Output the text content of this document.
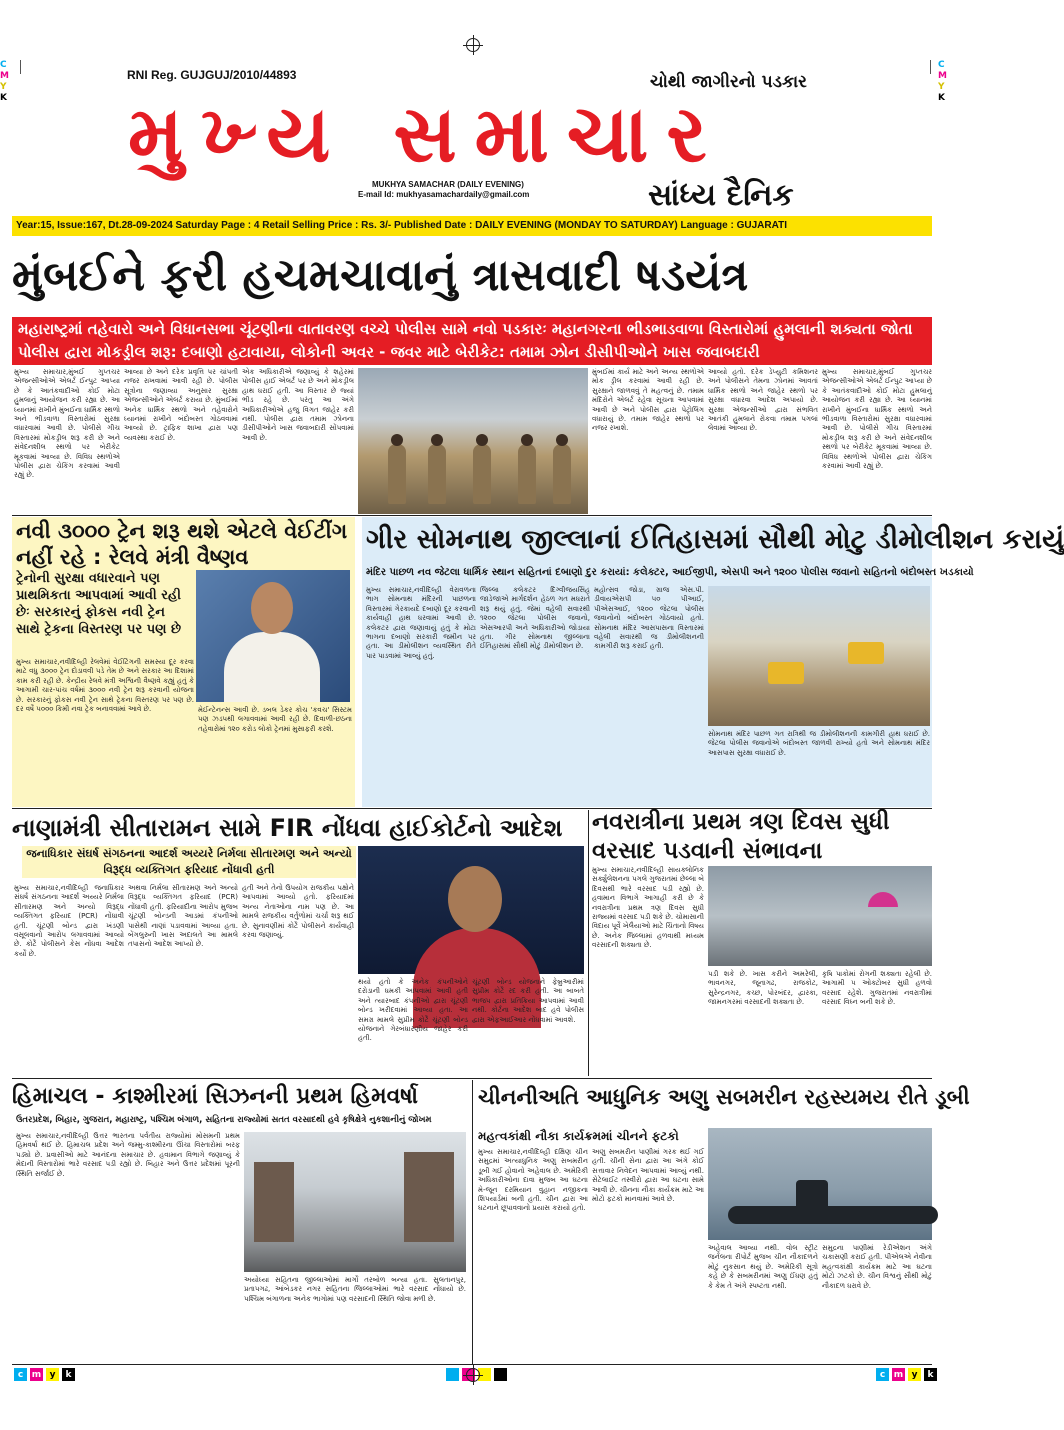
C
M
Y
K
C
M
Y
K
RNI Reg. GUJGUJ/2010/44893	ચોથી જાગીરનો પડકાર
મુખ્ય સમાચાર
MUKHYA SAMACHAR (DAILY EVENING)
E-mail Id: mukhyasamachardaily@gmail.com	સાંધ્ય દૈનિક
Year:15, Issue:167, Dt.28-09-2024 Saturday Page : 4 Retail Selling Price : Rs. 3/- Published Date : DAILY EVENING (MONDAY TO SATURDAY) Language : GUJARATI
મુંબઈને ફરી હચમચાવાનું ત્રાસવાદી ષડયંત્ર
મહારાષ્ટ્રમાં તહેવારો અને વિધાનસભા ચૂંટણીના વાતાવરણ વચ્ચે પોલીસ સામે નવો પડકારઃ મહાનગરના ભીડભાડવાળા વિસ્તારોમાં હુમલાની શક્યતા જોતા પોલીસ દ્વારા મોકડ્રીલ શરૂ: દબાણો હટાવાયા, લોકોની અવર - જવર માટે બેરીકેટ: તમામ ઝોન ડીસીપીઓને ખાસ જવાબદારી
મુખ્ય સમાચાર,મુંબઈ ગુપ્તચર એજન્સીઓએ એલર્ટ ઈન્પુટ આપ્યા છે કે આતંકવાદીઓ કોઈ મોટા હુમલાનું આયોજન કરી રહ્યા છે. આ ધ્યાનમાં રાખીને મુંબઈના ધાર્મિક સ્થળો અને ભીડવાળા વિસ્તારોમાં સુરક્ષા વધારવામાં આવી છે. પોલીસે ગીચ વિસ્તારમાં મોકડ્રીલ શરૂ કરી છે અને સંવેદનશીલ સ્થળો પર બેરીકેટ મૂકવામાં આવ્યા છે. વિવિધ સ્થળોએ પોલીસ દ્વારા ચેકિંગ કરવામાં આવી રહ્યું છે.
આવ્યા છે અને દરેક પ્રવૃત્તિ પર ચાંપતી નજર રાખવામાં આવી રહી છે. પોલીસ સૂત્રોના જણાવ્યા અનુસાર સુરક્ષા એજન્સીઓને એલર્ટ કરાયા છે. મુંબઈમાં અનેક ધાર્મિક સ્થળો અને તહેવારોને ધ્યાનમાં રાખીને બંદોબસ્ત ગોઠવવામાં આવ્યો છે. ટ્રાફિક શાખા દ્વારા પણ વ્યવસ્થા કરાઈ છે.
એક અધિકારીએ જણાવ્યું કે શહેરમાં પોલીસ હાઈ એલર્ટ પર છે અને મોકડ્રીલ હાથ ધરાઈ હતી. આ વિસ્તાર છે જ્યાં ભીડ રહે છે. પરંતુ આ અંગે અધિકારીઓએ હજુ વિગત જાહેર કરી નથી. પોલીસ દ્વારા તમામ ઝોનના ડીસીપીઓને ખાસ જવાબદારી સોંપવામાં આવી છે.
મુંબઈમાં કાર્ય માટે અને અન્ય સ્થળોએ મોક ડ્રીલ કરવામાં આવી રહી છે. સુરક્ષાને જાળવવું તે મહત્વનું છે. તમામ મંદિરોને એલર્ટ રહેવા સૂચના આપવામાં આવી છે અને પોલીસ દ્વારા પેટ્રોલિંગ વધારાયું છે. તમામ જાહેર સ્થળો પર નજર રખાશે.
આવ્યો હતો. દરેક ડેપ્યુટી કમિશનર અને પોલીસને તેમના ઝોનમાં આવતાં ધાર્મિક સ્થળો અને જાહેર સ્થળો પર સુરક્ષા વધારવા આદેશ અપાયો છે. સુરક્ષા એજન્સીઓ દ્વારા સંભવિત આતંકી હુમલાને રોકવા તમામ પગલાં લેવામાં આવ્યા છે.
મુખ્ય સમાચાર,મુંબઈ ગુપ્તચર એજન્સીઓએ એલર્ટ ઈન્પુટ આપ્યા છે કે આતંકવાદીઓ કોઈ મોટા હુમલાનું આયોજન કરી રહ્યા છે. આ ધ્યાનમાં રાખીને મુંબઈના ધાર્મિક સ્થળો અને ભીડવાળા વિસ્તારોમાં સુરક્ષા વધારવામાં આવી છે. પોલીસે ગીચ વિસ્તારમાં મોકડ્રીલ શરૂ કરી છે અને સંવેદનશીલ સ્થળો પર બેરીકેટ મૂકવામાં આવ્યા છે. વિવિધ સ્થળોએ પોલીસ દ્વારા ચેકિંગ કરવામાં આવી રહ્યું છે.
નવી ૩૦૦૦ ટ્રેન શરૂ થશે એટલે વેઈટીંગ નહીં રહે : રેલવે મંત્રી વૈષ્ણવ
ટ્રેનોની સુરક્ષા વધારવાને પણ પ્રાથમિકતા આપવામાં આવી રહી છેઃ સરકારનું ફોકસ નવી ટ્રેન સાથે ટ્રેકના વિસ્તરણ પર પણ છે
મુખ્ય સમાચાર,નવીદિલ્હી રેલવેમાં વેઈટિંગની સમસ્યા દૂર કરવા માટે વધુ ૩૦૦૦ ટ્રેન દોડાવવી પડે તેમ છે અને સરકાર આ દિશામાં કામ કરી રહી છે. કેન્દ્રીય રેલવે મંત્રી અશ્વિની વૈષ્ણવે કહ્યું હતું કે આગામી ચાર-પાંચ વર્ષમાં ૩૦૦૦ નવી ટ્રેન શરૂ કરવાની યોજના છે. સરકારનું ફોકસ નવી ટ્રેન સાથે ટ્રેકના વિસ્તરણ પર પણ છે. દર વર્ષે ૫૦૦૦ કિમી નવા ટ્રેક બનાવવામાં આવે છે.	મેઈન્ટેનન્સ આવી છે. ડબલ ડેકર કોચ 'કવચ' સિસ્ટમ પણ ઝડપથી લગાવવામાં આવી રહી છે. દિવાળી-છઠના તહેવારોમાં ૧૨૦ કરોડ લોકો ટ્રેનમાં મુસાફરી કરશે.
ગીર સોમનાથ જીલ્લાનાં ઈતિહાસમાં સૌથી મોટુ ડીમોલીશન કરાયું
મંદિર પાછળ નવ જેટલા ધાર્મિક સ્થાન સહિતનાં દબાણો દુર કરાયાં: કલેક્ટર, આઈજીપી, એસપી અને ૧૨૦૦ પોલીસ જવાનો સહિતનો બંદોબસ્ત ખડકાયો
મુખ્ય સમાચાર,નવીદિલ્હી વેરાવળના ભાગ સોમનાથ મંદિરની પાછળના વિસ્તારમાં ગેરકાયદે દબાણો દૂર કરવાની કાર્યવાહી હાથ ધરવામાં આવી છે. કલેકટર દ્વારા જણાવાયું હતું કે મોટા ભાગના દબાણો સરકારી જમીન પર હતા. આ ડીમોલીશન વ્યવસ્થિત રીતે પાર પાડવામાં આવ્યું હતું.
જિલ્લા કલેકટર દિગ્વીજયસિંહ જાડેજાએ માર્ગદર્શન હેઠળ ગત મધરાતે શરૂ થયું હતું. જેમાં વહેલી સવારથી ૧૨૦૦ જેટલા પોલીસ જવાનો, એસઆરપી અને અધિકારીઓ જોડાયા હતા. ગીર સોમનાથ જીલ્લાના ઈતિહાસમાં સૌથી મોટું ડીમોલીશન છે.
મહોત્સવ જોડા, ગ્રાજ એસ.પી. ડીવાયએસપી ૫૦ પીઆઈ, પીએસઆઈ, ૧૨૦૦ જેટલા પોલીસ જવાનોનો બંદોબસ્ત ગોઠવાયો હતો. સોમનાથ મંદિર આસપાસના વિસ્તારમાં વહેલી સવારથી જ ડીમોલીશનની કામગીરી શરૂ કરાઈ હતી.
સોમનાથ મંદિર પાછળ ગત રાત્રિથી જ ડીમોલીશનની કામગીરી હાથ ધરાઈ છે. જેટલા પોલીસ જવાનોએ બંદોબસ્ત જાળવી રાખ્યો હતો અને સોમનાથ મંદિર આસપાસ સુરક્ષા વધારાઈ છે.
નાણામંત્રી સીતારામન સામે FIR નોંધવા હાઈકોર્ટનો આદેશ
જનાધિકાર સંઘર્ષ સંગઠનના આદર્શ અય્યરે નિર્મલા સીતારમણ અને અન્યો વિરૂદ્ધ વ્યક્તિગત ફરિયાદ નોંધાવી હતી
મુખ્ય સમાચાર,નવીદિલ્હી જનાધિકાર સંઘર્ષ સંગઠનના આદર્શ અય્યરે નિર્મલા સીતારમણ અને અન્યો વિરૂદ્ધ વ્યક્તિગત ફરિયાદ (PCR) નોંધાવી હતી. ચૂંટણી બોન્ડ દ્વારા ખંડણી વસૂલવાનો આરોપ લગાવવામાં આવ્યો છે. કોર્ટે પોલીસને કેસ નોંધવા આદેશ કર્યો છે.
અથવા નિર્મલા સીતારમણ અને અન્યો વિરૂદ્ધ વ્યક્તિગત ફરિયાદ (PCR) નોંધાવી હતી. ફરિયાદીના આરોપ મુજબ ચૂંટણી બોન્ડની આડમાં કંપનીઓ પાસેથી નાણાં પડાવવામાં આવ્યા હતા. બેંગલુરુની ખાસ અદાલતે આ મામલે તપાસનો આદેશ આપ્યો છે.
હતી અને તેનો ઉપયોગ રાજકીય પક્ષોને આપવામાં આવ્યો હતો. ફરિયાદમાં અન્ય નેતાઓના નામ પણ છે. આ મામલે રાજકીય વર્તુળોમાં ચર્ચા શરૂ થઈ છે. સુનાવણીમાં કોર્ટે પોલીસને કાર્યવાહી કરવા જણાવ્યું.
થયો હતો કે અનેક કંપનીઓને દરોડાની ધમકી આપવામાં આવી હતી અને ત્યારબાદ કંપનીઓ દ્વારા ચૂંટણી બોન્ડ ખરીદવામાં આવ્યા હતા. આ સમગ્ર મામલે સુપ્રીમ કોર્ટે ચૂંટણી બોન્ડ યોજનાને ગેરબંધારણીય જાહેર કરી હતી.
ચૂંટણી બોન્ડ યોજનાને ફેબ્રુઆરીમાં સુપ્રીમ કોર્ટે રદ કરી હતી. આ બાબતે ભાજપ દ્વારા પ્રતિક્રિયા આપવામાં આવી નથી. કોર્ટના આદેશ બાદ હવે પોલીસ દ્વારા એફઆઈઆર નોંધવામાં આવશે.
નવરાત્રીના પ્રથમ ત્રણ દિવસ સુધી વરસાદ પડવાની સંભાવના
મુખ્ય સમાચાર,નવીદિલ્હી સાયક્લોનિક સર્ક્યુલેશનના પગલે ગુજરાતમાં છેલ્લા બે દિવસથી ભારે વરસાદ પડી રહ્યો છે. હવામાન વિભાગે આગાહી કરી છે કે નવરાત્રીના પ્રથમ ત્રણ દિવસ સુધી રાજ્યમાં વરસાદ પડી શકે છે. ચોમાસાની વિદાય પૂર્વે ખેલૈયાઓ માટે ચિંતાનો વિષય છે. અનેક જિલ્લામાં હળવાથી મધ્યમ વરસાદની શક્યતા છે.
પડી શકે છે. ખાસ કરીને અમરેલી, ભાવનગર, જૂનાગઢ, રાજકોટ, સુરેન્દ્રનગર, કચ્છ, પોરબંદર, દ્વારકા, જામનગરમાં વરસાદની શક્યતા છે.
કૃષિ પાકોમાં રોગની શક્યતા રહેલી છે. આગામી ૫ ઓક્ટોબર સુધી હળવો વરસાદ રહેશે. ગુજરાતમાં નવરાત્રીમાં વરસાદ વિઘ્ન બની શકે છે.
હિમાચલ - કાશ્મીરમાં સિઝનની પ્રથમ હિમવર્ષા
ઉતરપ્રદેશ, બિહાર, ગુજરાત, મહારાષ્ટ્ર, પશ્ચિમ બંગાળ, સહિતના રાજ્યોમાં સતત વરસાદથી હવે કૃષિક્ષેત્રે નુકશાનીનું જોખમ
મુખ્ય સમાચાર,નવીદિલ્હી ઉત્તર ભારતના પર્વતીય રાજ્યોમાં મોસમની પ્રથમ હિમવર્ષા થઈ છે. હિમાચલ પ્રદેશ અને જમ્મુ-કાશ્મીરના ઊંચા વિસ્તારોમાં બરફ પડ્યો છે. પ્રવાસીઓ માટે આનંદના સમાચાર છે. હવામાન વિભાગે જણાવ્યું કે મેદાની વિસ્તારોમાં ભારે વરસાદ પડી રહ્યો છે. બિહાર અને ઉત્તર પ્રદેશમાં પૂરની સ્થિતિ સર્જાઈ છે.
અયોધ્યા સહિતના જીલ્લાઓમાં માર્ગો તરબોળ બન્યા હતા. સુલતાનપુર, પ્રતાપગઢ, આંબેડકર નગર સહિતના જિલ્લાઓમાં ભારે વરસાદ નોંધાયો છે. પશ્ચિમ બંગાળના અનેક ભાગોમાં પણ વરસાદની સ્થિતિ જોવા મળી છે.
ચીનનીઅતિ આધુનિક અણુ સબમરીન રહસ્યમય રીતે ડૂબી
મહત્વકાંક્ષી નૌકા કાર્યક્રમમાં ચીનને ફટકો
મુખ્ય સમાચાર,નવીદિલ્હી દક્ષિણ ચીન સમુદ્રમાં અત્યાધુનિક અણુ સબમરીન ડૂબી ગઈ હોવાનો અહેવાલ છે. અમેરિકી અધિકારીઓના દાવા મુજબ આ ઘટના મે-જૂન દરમિયાન વુહાન નજીકના શિપયાર્ડમાં બની હતી. ચીન દ્વારા આ ઘટનાને છૂપાવવાનો પ્રયાસ કરાયો હતો.
અણુ સબમરીન પાણીમાં ગરક થઈ ગઈ હતી. ચીની સેના દ્વારા આ અંગે કોઈ સત્તાવાર નિવેદન આપવામાં આવ્યું નથી. સેટેલાઈટ તસ્વીરો દ્વારા આ ઘટના સામે આવી છે. ચીનના નૌકા કાર્યક્રમ માટે આ મોટો ફટકો માનવામાં આવે છે.
અહેવાલ આવ્યા નથી. વોલ સ્ટ્રીટ જર્નલના રીપોર્ટ મુજબ ચીન નૌકાદળને મોટું નુકસાન થયું છે. અમેરિકી સૂત્રો કહે છે કે સબમરીનમાં અણુ ઈંધણ હતું કે કેમ તે અંગે સ્પષ્ટતા નથી.
સમુદ્રના પાણીમાં રેડીએશન અંગે ચકાસણી કરાઈ હતી. પીએલએ નેવીના મહત્વકાંક્ષી કાર્યક્રમ માટે આ ઘટના મોટો ઝટકો છે. ચીન વિશ્વનું સૌથી મોટું નૌકાદળ ધરાવે છે.
c m y	k	c m y	k
